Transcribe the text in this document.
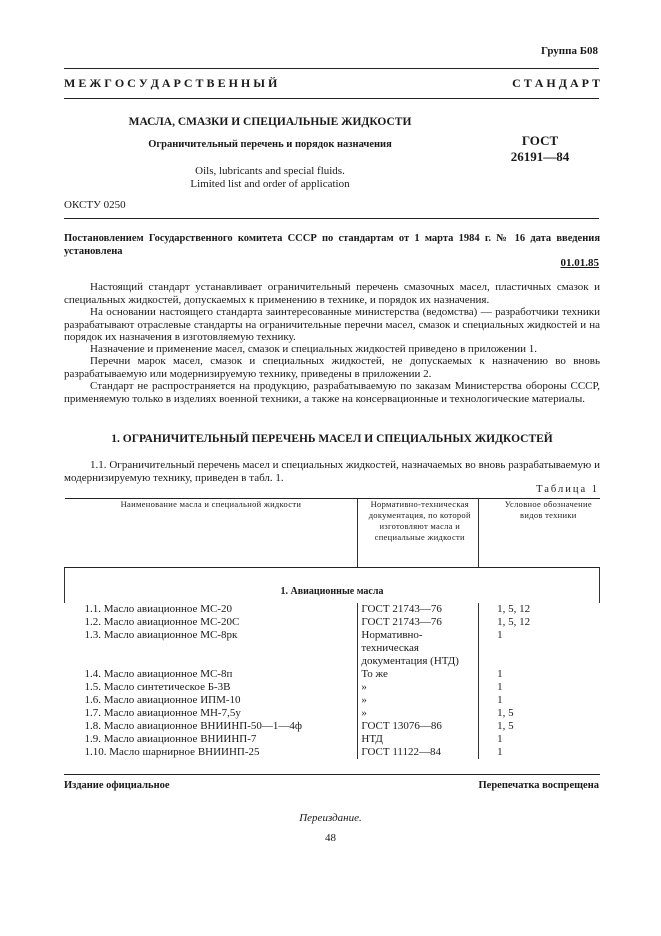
Группа Б08
М Е Ж Г О С У Д А Р С Т В Е Н Н Ы Й	С Т А Н Д А Р Т
МАСЛА, СМАЗКИ И СПЕЦИАЛЬНЫЕ ЖИДКОСТИ
Ограничительный перечень и порядок назначения
Oils, lubricants and special fluids.
Limited list and order of application
ГОСТ
26191—84
ОКСТУ 0250
Постановлением Государственного комитета СССР по стандартам от 1 марта 1984 г. № 16 дата введения установлена
01.01.85
Настоящий стандарт устанавливает ограничительный перечень смазочных масел, пластичных смазок и специальных жидкостей, допускаемых к применению в технике, и порядок их назначения.
На основании настоящего стандарта заинтересованные министерства (ведомства) — разработчики техники разрабатывают отраслевые стандарты на ограничительные перечни масел, смазок и специальных жидкостей и на порядок их назначения в изготовляемую технику.
Назначение и применение масел, смазок и специальных жидкостей приведено в приложении 1.
Перечни марок масел, смазок и специальных жидкостей, не допускаемых к назначению во вновь разрабатываемую или модернизируемую технику, приведены в приложении 2.
Стандарт не распространяется на продукцию, разрабатываемую по заказам Министерства обороны СССР, применяемую только в изделиях военной техники, а также на консервационные и технологические материалы.
1. ОГРАНИЧИТЕЛЬНЫЙ ПЕРЕЧЕНЬ МАСЕЛ И СПЕЦИАЛЬНЫХ ЖИДКОСТЕЙ
1.1. Ограничительный перечень масел и специальных жидкостей, назначаемых во вновь разрабатываемую и модернизируемую технику, приведен в табл. 1.
Таблица 1
Наименование масла и специальной жидкости	Нормативно-техническая документация, по которой изготовляют масла и специальные жидкости	Условное обозначение видов техники
1. Авиационные масла		
1.1. Масло авиационное МС-20	ГОСТ 21743—76	1, 5, 12
1.2. Масло авиационное МС-20С	ГОСТ 21743—76	1, 5, 12
1.3. Масло авиационное МС-8рк	Нормативно-техническая документация (НТД)	1
1.4. Масло авиационное МС-8п	То же	1
1.5. Масло синтетическое Б-3В	»	1
1.6. Масло авиационное ИПМ-10	»	1
1.7. Масло авиационное МН-7,5у	»	1, 5
1.8. Масло авиационное ВНИИНП-50—1—4ф	ГОСТ 13076—86	1, 5
1.9. Масло авиационное ВНИИНП-7	НТД	1
1.10. Масло шарнирное ВНИИНП-25	ГОСТ 11122—84	1
Издание официальное	Перепечатка воспрещена
Переиздание.
48
